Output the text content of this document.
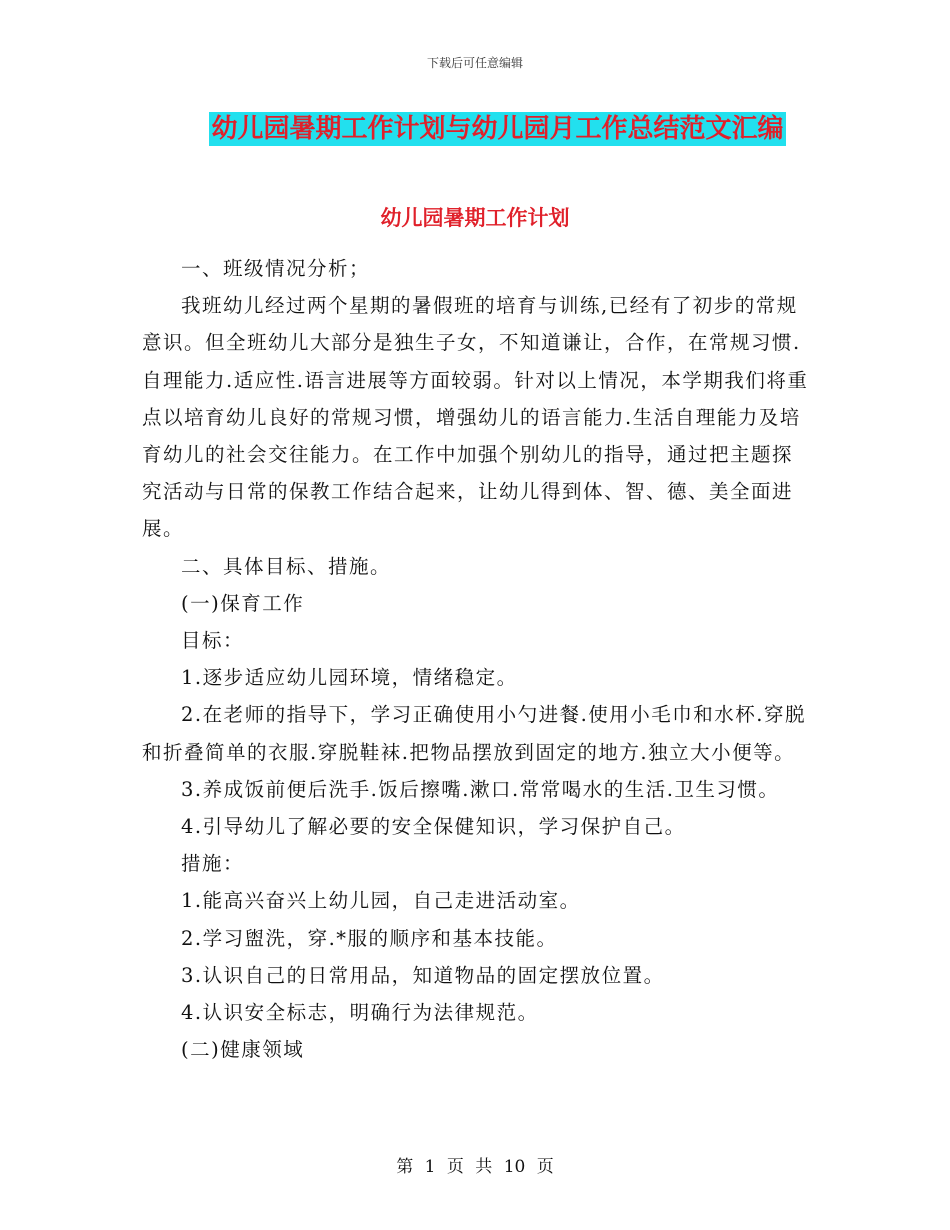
下载后可任意编辑
幼儿园暑期工作计划与幼儿园月工作总结范文汇编
幼儿园暑期工作计划

一、班级情况分析；

我班幼儿经过两个星期的暑假班的培育与训练,已经有了初步的常规意识。但全班幼儿大部分是独生子女，不知道谦让，合作，在常规习惯.自理能力.适应性.语言进展等方面较弱。针对以上情况，本学期我们将重点以培育幼儿良好的常规习惯，增强幼儿的语言能力.生活自理能力及培育幼儿的社会交往能力。在工作中加强个别幼儿的指导，通过把主题探究活动与日常的保教工作结合起来，让幼儿得到体、智、德、美全面进展。

二、具体目标、措施。

(一)保育工作

目标：

1.逐步适应幼儿园环境，情绪稳定。

2.在老师的指导下，学习正确使用小勺进餐.使用小毛巾和水杯.穿脱和折叠简单的衣服.穿脱鞋袜.把物品摆放到固定的地方.独立大小便等。

3.养成饭前便后洗手.饭后擦嘴.漱口.常常喝水的生活.卫生习惯。

4.引导幼儿了解必要的安全保健知识，学习保护自己。

措施：

1.能高兴奋兴上幼儿园，自己走进活动室。

2.学习盥洗，穿.*服的顺序和基本技能。

3.认识自己的日常用品，知道物品的固定摆放位置。

4.认识安全标志，明确行为法律规范。

(二)健康领域

第 1 页 共 10 页
